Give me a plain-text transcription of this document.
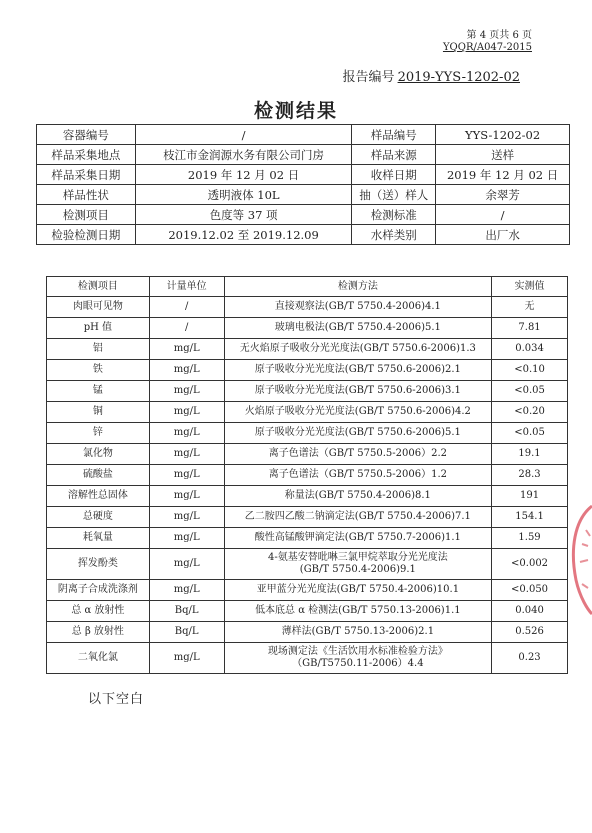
第 4 页共 6 页
YQQR/A047-2015
报告编号 2019-YYS-1202-02
检测结果
容器编号	/	样品编号	YYS-1202-02
样品采集地点	枝江市金润源水务有限公司门房	样品来源	送样
样品采集日期	2019 年 12 月 02 日	收样日期	2019 年 12 月 02 日
样品性状	透明液体 10L	抽（送）样人	余翠芳
检测项目	色度等 37 项	检测标准	/
检验检测日期	2019.12.02 至 2019.12.09	水样类别	出厂水
检测项目	计量单位	检测方法	实测值
肉眼可见物	/	直接观察法(GB/T 5750.4-2006)4.1	无
pH 值	/	玻璃电极法(GB/T 5750.4-2006)5.1	7.81
铝	mg/L	无火焰原子吸收分光光度法(GB/T 5750.6-2006)1.3	0.034
铁	mg/L	原子吸收分光光度法(GB/T 5750.6-2006)2.1	<0.10
锰	mg/L	原子吸收分光光度法(GB/T 5750.6-2006)3.1	<0.05
铜	mg/L	火焰原子吸收分光光度法(GB/T 5750.6-2006)4.2	<0.20
锌	mg/L	原子吸收分光光度法(GB/T 5750.6-2006)5.1	<0.05
氯化物	mg/L	离子色谱法（GB/T 5750.5-2006）2.2	19.1
硫酸盐	mg/L	离子色谱法（GB/T 5750.5-2006）1.2	28.3
溶解性总固体	mg/L	称量法(GB/T 5750.4-2006)8.1	191
总硬度	mg/L	乙二胺四乙酸二钠滴定法(GB/T 5750.4-2006)7.1	154.1
耗氧量	mg/L	酸性高锰酸钾滴定法(GB/T 5750.7-2006)1.1	1.59
挥发酚类	mg/L	4-氨基安替吡啉三氯甲烷萃取分光光度法
(GB/T 5750.4-2006)9.1	<0.002
阴离子合成洗涤剂	mg/L	亚甲蓝分光光度法(GB/T 5750.4-2006)10.1	<0.050
总 α 放射性	Bq/L	低本底总 α 检测法(GB/T 5750.13-2006)1.1	0.040
总 β 放射性	Bq/L	薄样法(GB/T 5750.13-2006)2.1	0.526
二氧化氯	mg/L	现场测定法《生活饮用水标准检验方法》
（GB/T5750.11-2006）4.4	0.23
以下空白
